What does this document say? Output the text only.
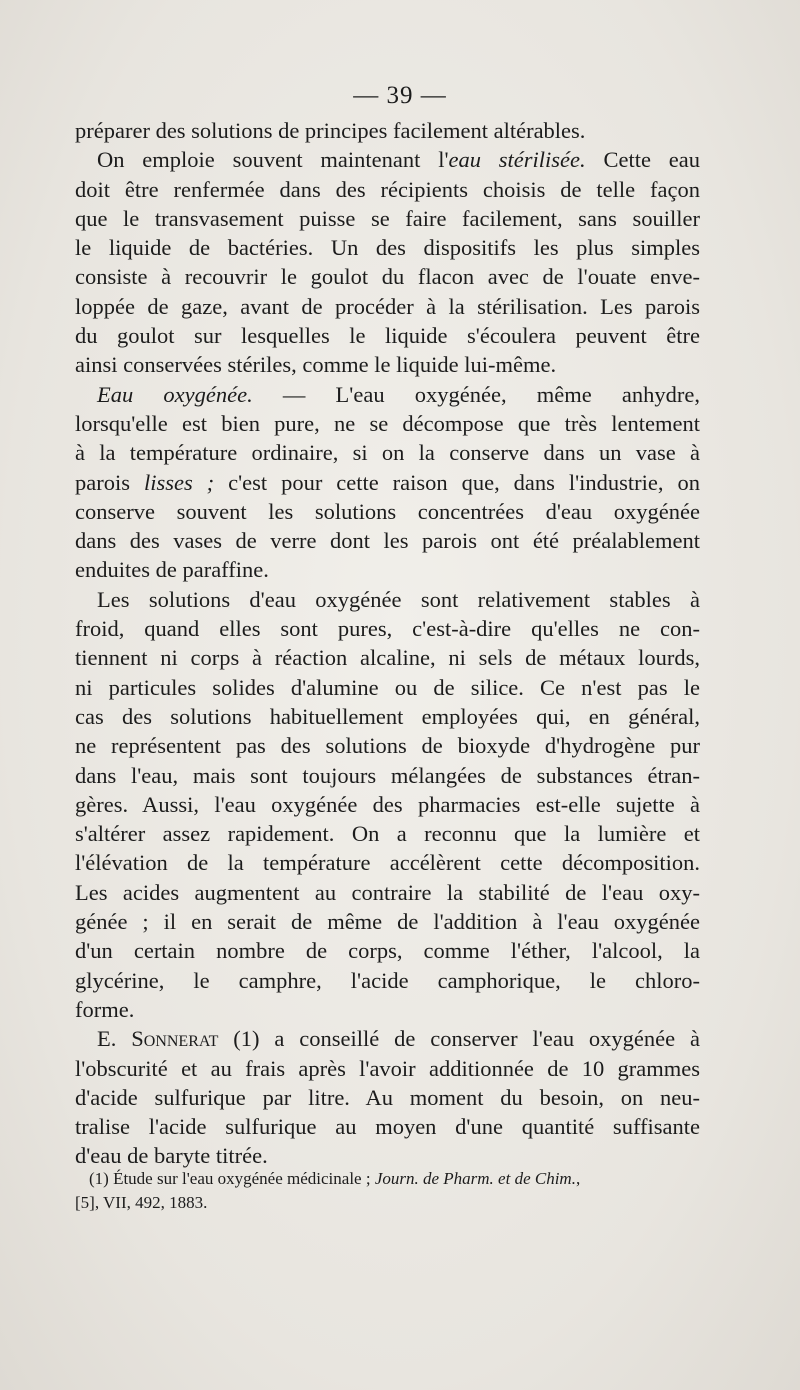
— 39 —
préparer des solutions de principes facilement altérables.
On emploie souvent maintenant l'eau stérilisée. Cette eau
doit être renfermée dans des récipients choisis de telle façon
que le transvasement puisse se faire facilement, sans souiller
le liquide de bactéries. Un des dispositifs les plus simples
consiste à recouvrir le goulot du flacon avec de l'ouate enve-
loppée de gaze, avant de procéder à la stérilisation. Les parois
du goulot sur lesquelles le liquide s'écoulera peuvent être
ainsi conservées stériles, comme le liquide lui-même.
Eau oxygénée. — L'eau oxygénée, même anhydre,
lorsqu'elle est bien pure, ne se décompose que très lentement
à la température ordinaire, si on la conserve dans un vase à
parois lisses ; c'est pour cette raison que, dans l'industrie, on
conserve souvent les solutions concentrées d'eau oxygénée
dans des vases de verre dont les parois ont été préalablement
enduites de paraffine.
Les solutions d'eau oxygénée sont relativement stables à
froid, quand elles sont pures, c'est-à-dire qu'elles ne con-
tiennent ni corps à réaction alcaline, ni sels de métaux lourds,
ni particules solides d'alumine ou de silice. Ce n'est pas le
cas des solutions habituellement employées qui, en général,
ne représentent pas des solutions de bioxyde d'hydrogène pur
dans l'eau, mais sont toujours mélangées de substances étran-
gères. Aussi, l'eau oxygénée des pharmacies est-elle sujette à
s'altérer assez rapidement. On a reconnu que la lumière et
l'élévation de la température accélèrent cette décomposition.
Les acides augmentent au contraire la stabilité de l'eau oxy-
génée ; il en serait de même de l'addition à l'eau oxygénée
d'un certain nombre de corps, comme l'éther, l'alcool, la
glycérine, le camphre, l'acide camphorique, le chloro-
forme.
E. Sonnerat (1) a conseillé de conserver l'eau oxygénée à
l'obscurité et au frais après l'avoir additionnée de 10 grammes
d'acide sulfurique par litre. Au moment du besoin, on neu-
tralise l'acide sulfurique au moyen d'une quantité suffisante
d'eau de baryte titrée.
(1) Étude sur l'eau oxygénée médicinale ; Journ. de Pharm. et de Chim.,
[5], VII, 492, 1883.
